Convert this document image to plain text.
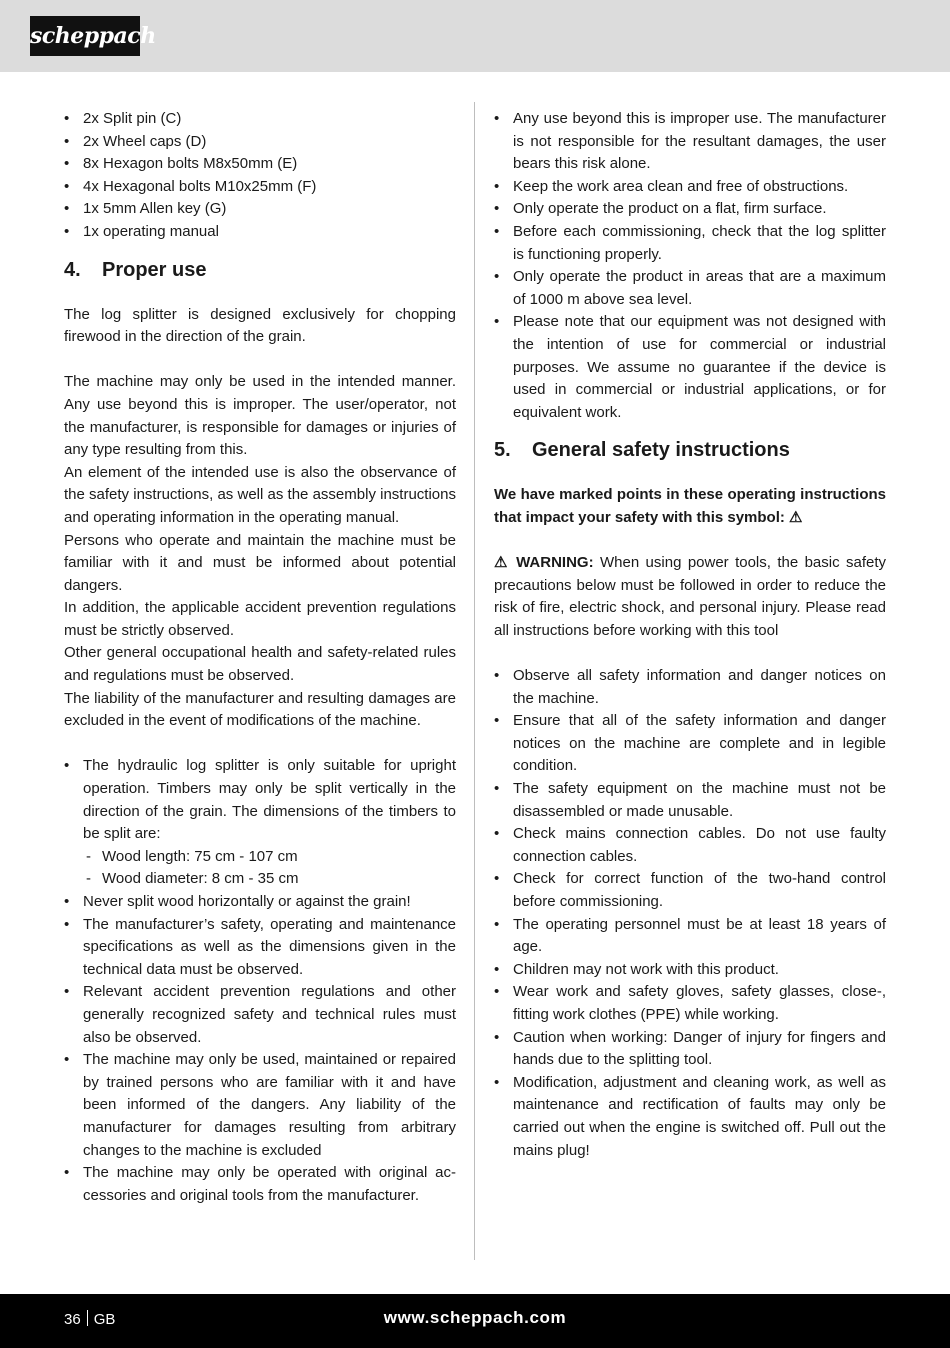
scheppach
• 2x Split pin (C)
• 2x Wheel caps (D)
• 8x Hexagon bolts M8x50mm (E)
• 4x Hexagonal bolts M10x25mm (F)
• 1x 5mm Allen key (G)
• 1x operating manual
4. Proper use

The log splitter is designed exclusively for chopping firewood in the direction of the grain.

The machine may only be used in the intended manner. Any use beyond this is improper. The user/operator, not the manufacturer, is responsible for damages or injuries of any type resulting from this.

An element of the intended use is also the observance of the safety instructions, as well as the assembly instructions and operating information in the operating manual.

Persons who operate and maintain the machine must be familiar with it and must be informed about potential dangers.

In addition, the applicable accident prevention regulations must be strictly observed.

Other general occupational health and safety-related rules and regulations must be observed.

The liability of the manufacturer and resulting damages are excluded in the event of modifications of the machine.

• The hydraulic log splitter is only suitable for upright operation. Timbers may only be split vertically in the direction of the grain. The dimensions of the timbers to be split are:
- Wood length: 75 cm - 107 cm
- Wood diameter: 8 cm - 35 cm
• Never split wood horizontally or against the grain!
• The manufacturer’s safety, operating and maintenance specifications as well as the dimensions given in the technical data must be observed.
• Relevant accident prevention regulations and other generally recognized safety and technical rules must also be observed.
• The machine may only be used, maintained or repaired by trained persons who are familiar with it and have been informed of the dangers. Any liability of the manufacturer for damages resulting from arbitrary changes to the machine is excluded
• The machine may only be operated with original accessories and original tools from the manufacturer.
• Any use beyond this is improper use. The manufacturer is not responsible for the resultant damages, the user bears this risk alone.
• Keep the work area clean and free of obstructions.
• Only operate the product on a flat, firm surface.
• Before each commissioning, check that the log splitter is functioning properly.
• Only operate the product in areas that are a maximum of 1000 m above sea level.
• Please note that our equipment was not designed with the intention of use for commercial or industrial purposes. We assume no guarantee if the device is used in commercial or industrial applications, or for equivalent work.
5. General safety instructions

We have marked points in these operating instructions that impact your safety with this symbol: ⚠

⚠ WARNING: When using power tools, the basic safety precautions below must be followed in order to reduce the risk of fire, electric shock, and personal injury. Please read all instructions before working with this tool

• Observe all safety information and danger notices on the machine.
• Ensure that all of the safety information and danger notices on the machine are complete and in legible condition.
• The safety equipment on the machine must not be disassembled or made unusable.
• Check mains connection cables. Do not use faulty connection cables.
• Check for correct function of the two-hand control before commissioning.
• The operating personnel must be at least 18 years of age.
• Children may not work with this product.
• Wear work and safety gloves, safety glasses, close-, fitting work clothes (PPE) while working.
• Caution when working: Danger of injury for fingers and hands due to the splitting tool.
• Modification, adjustment and cleaning work, as well as maintenance and rectification of faults may only be carried out when the engine is switched off. Pull out the mains plug!
36 GB	www.scheppach.com
